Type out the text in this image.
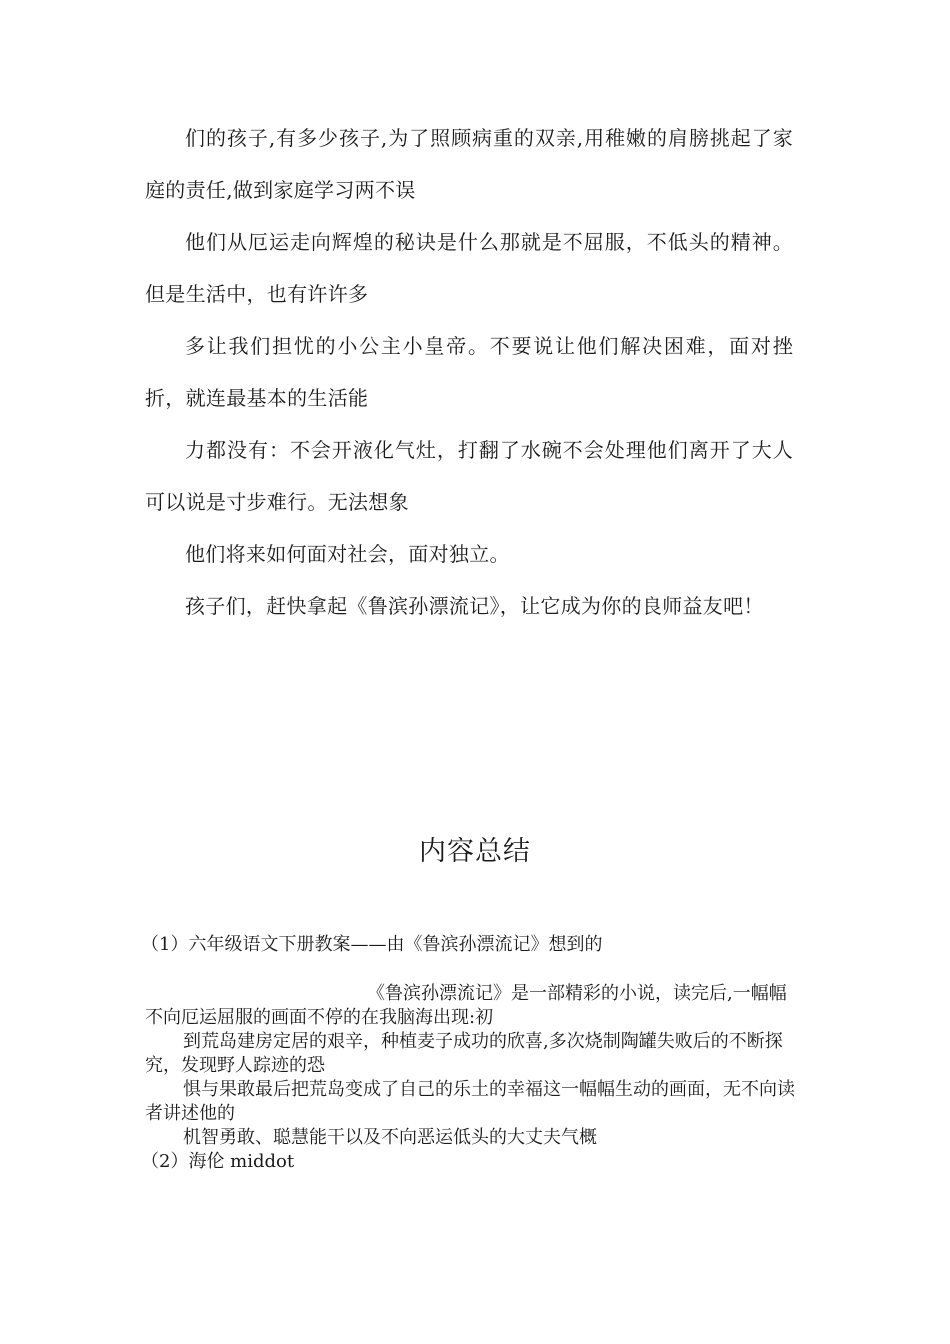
们的孩子,有多少孩子,为了照顾病重的双亲,用稚嫩的肩膀挑起了家庭的责任,做到家庭学习两不误

他们从厄运走向辉煌的秘诀是什么那就是不屈服，不低头的精神。但是生活中，也有许许多

多让我们担忧的小公主小皇帝。不要说让他们解决困难，面对挫折，就连最基本的生活能

力都没有：不会开液化气灶，打翻了水碗不会处理他们离开了大人可以说是寸步难行。无法想象

他们将来如何面对社会，面对独立。

孩子们，赶快拿起《鲁滨孙漂流记》，让它成为你的良师益友吧！

内容总结

（1）六年级语文下册教案——由《鲁滨孙漂流记》想到的

《鲁滨孙漂流记》是一部精彩的小说，读完后,一幅幅不向厄运屈服的画面不停的在我脑海出现:初

到荒岛建房定居的艰辛，种植麦子成功的欣喜,多次烧制陶罐失败后的不断探究，发现野人踪迹的恐

惧与果敢最后把荒岛变成了自己的乐土的幸福这一幅幅生动的画面，无不向读者讲述他的

机智勇敢、聪慧能干以及不向恶运低头的大丈夫气概

（2）海伦 middot
